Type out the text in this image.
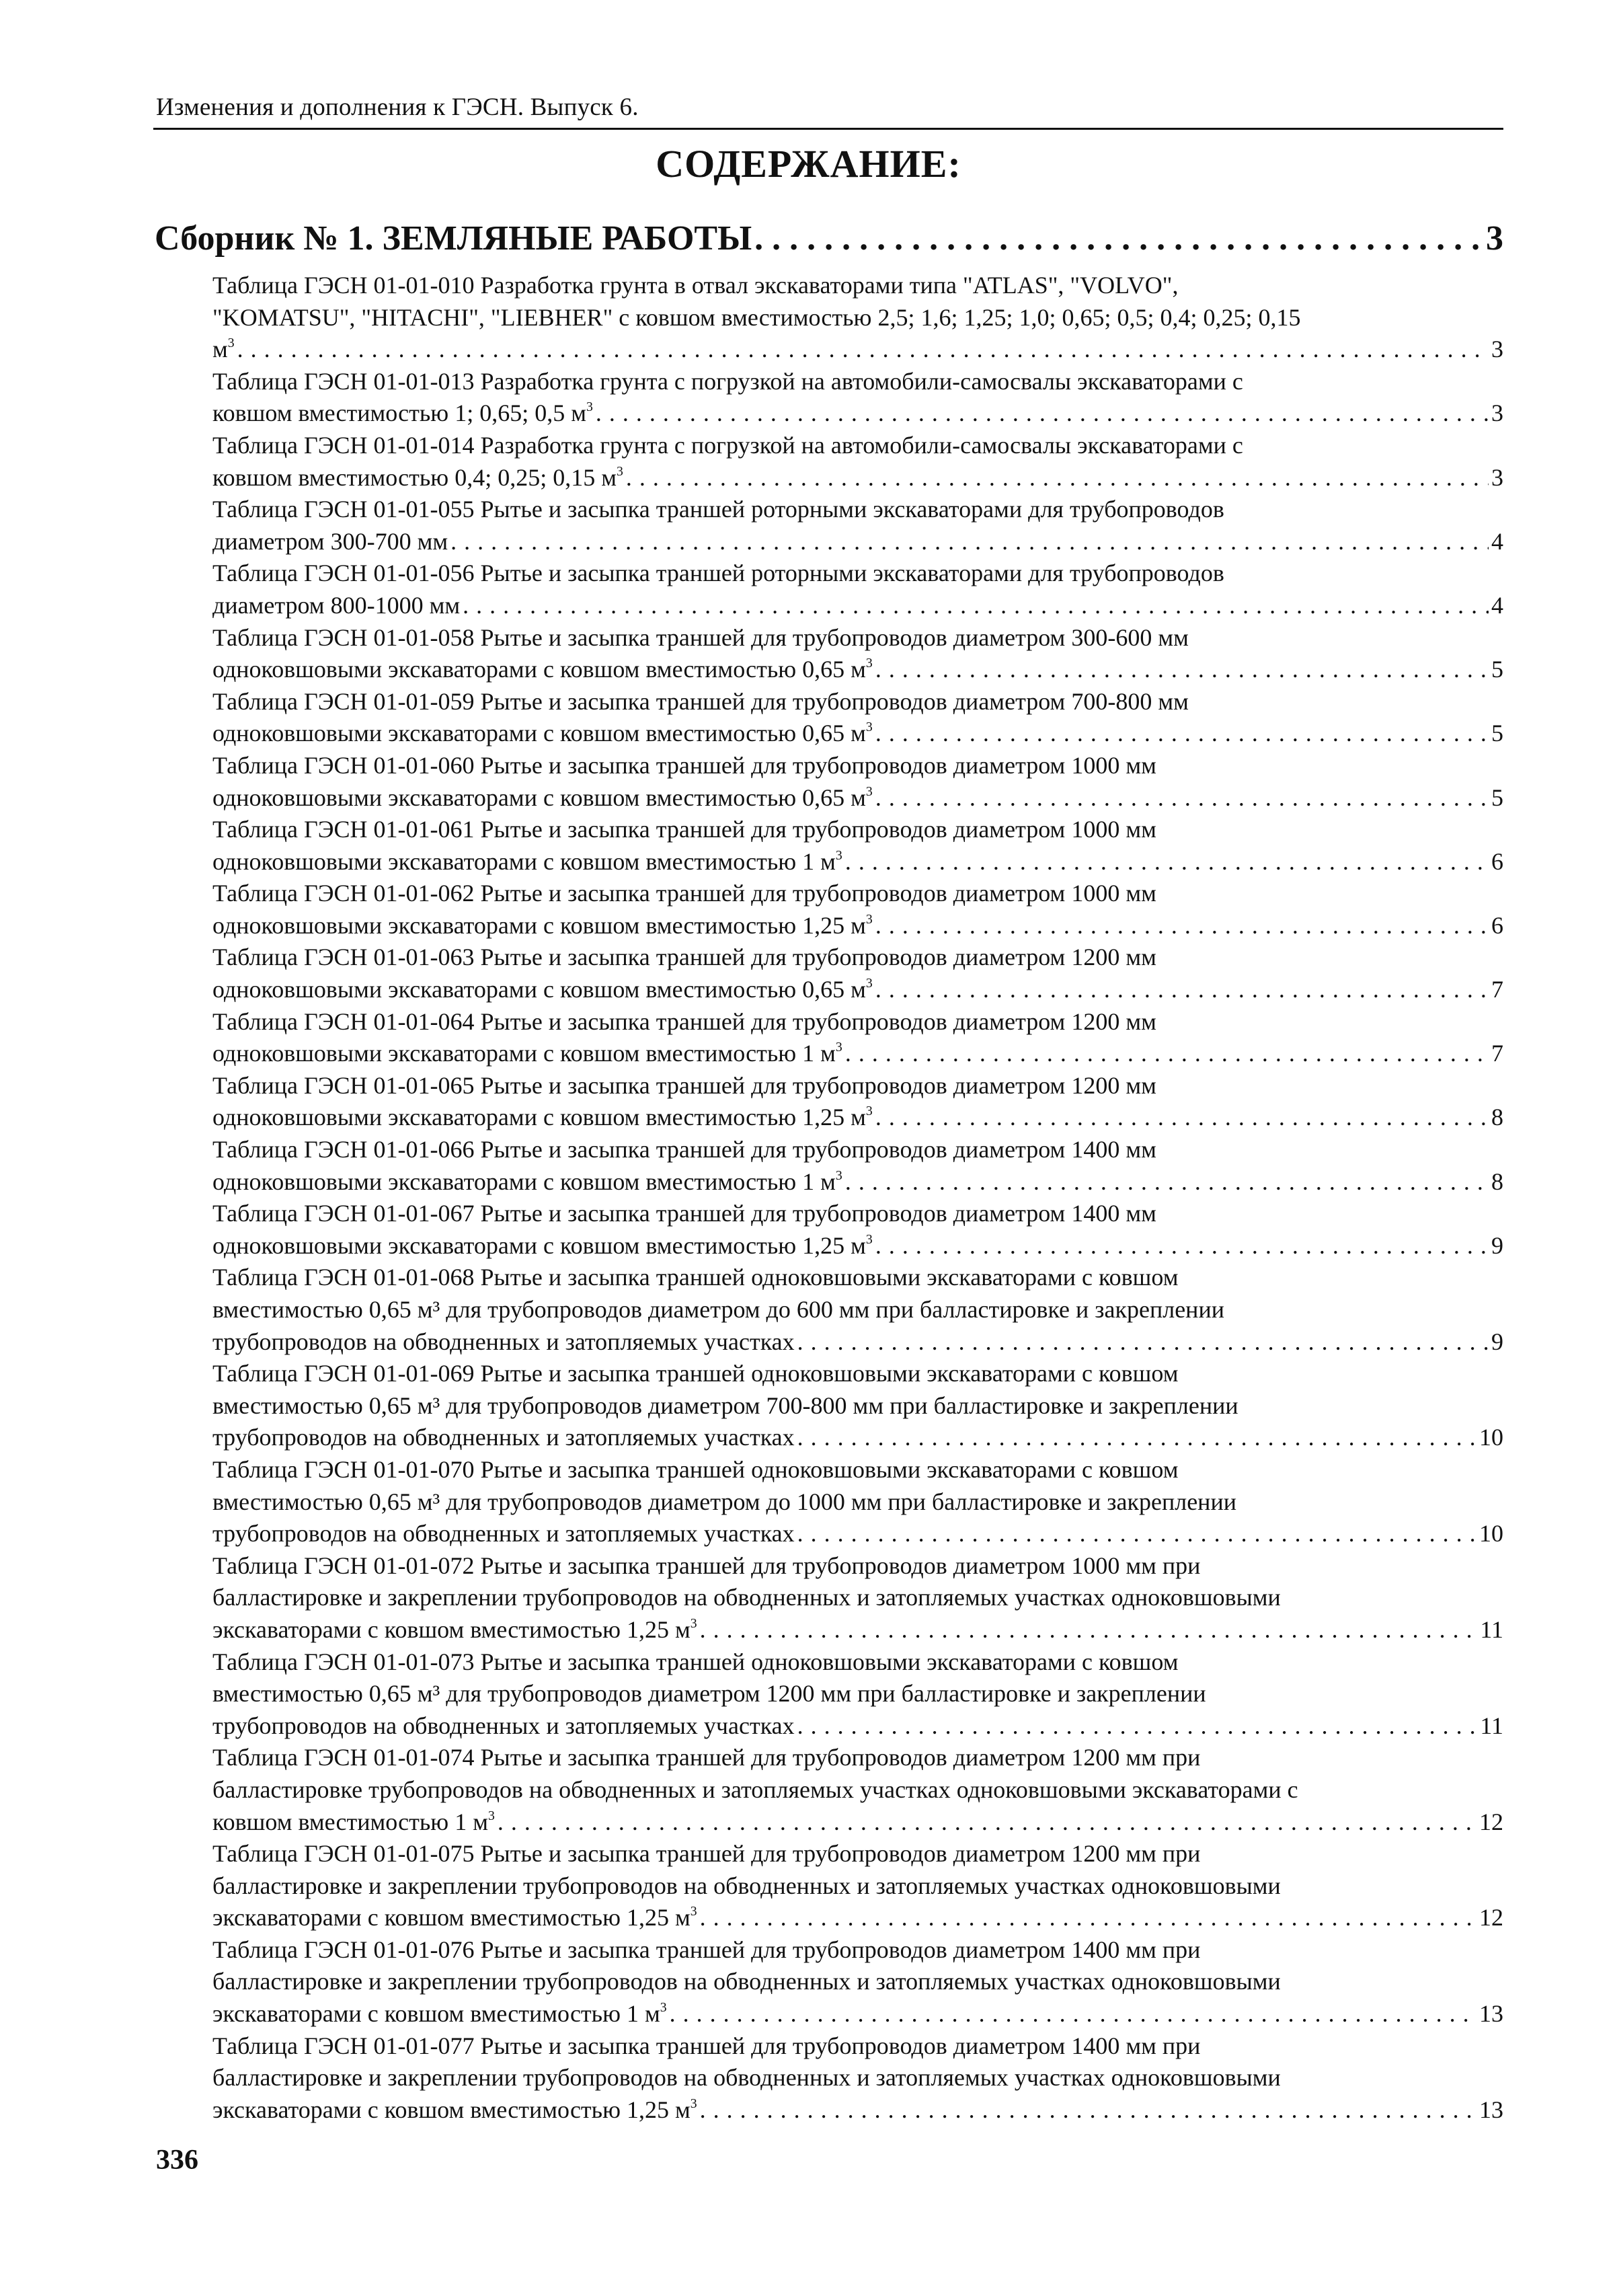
Изменения и дополнения к ГЭСН. Выпуск 6.
СОДЕРЖАНИЕ:
Сборник № 1. ЗЕМЛЯНЫЕ РАБОТЫ . . .	3
Таблица ГЭСН 01-01-010 Разработка грунта в отвал экскаваторами типа "ATLAS", "VOLVO",
"KOMATSU", "HITACHI", "LIEBHER" с ковшом вместимостью 2,5; 1,6; 1,25; 1,0; 0,65; 0,5; 0,4; 0,25; 0,15
$м^3$ . . .	3
Таблица ГЭСН 01-01-013 Разработка грунта с погрузкой на автомобили-самосвалы экскаваторами с
ковшом вместимостью 1; 0,65; 0,5 $м^3$ . . .	3
Таблица ГЭСН 01-01-014 Разработка грунта с погрузкой на автомобили-самосвалы экскаваторами с
ковшом вместимостью 0,4; 0,25; 0,15 $м^3$ . . .	3
Таблица ГЭСН 01-01-055 Рытье и засыпка траншей роторными экскаваторами для трубопроводов
диаметром 300-700 мм . . .	4
Таблица ГЭСН 01-01-056 Рытье и засыпка траншей роторными экскаваторами для трубопроводов
диаметром 800-1000 мм . . .	4
Таблица ГЭСН 01-01-058 Рытье и засыпка траншей для трубопроводов диаметром 300-600 мм
одноковшовыми экскаваторами с ковшом вместимостью 0,65 $м^3$ . . .	5
Таблица ГЭСН 01-01-059 Рытье и засыпка траншей для трубопроводов диаметром 700-800 мм
одноковшовыми экскаваторами с ковшом вместимостью 0,65 $м^3$ . . .	5
Таблица ГЭСН 01-01-060 Рытье и засыпка траншей для трубопроводов диаметром 1000 мм
одноковшовыми экскаваторами с ковшом вместимостью 0,65 $м^3$ . . .	5
Таблица ГЭСН 01-01-061 Рытье и засыпка траншей для трубопроводов диаметром 1000 мм
одноковшовыми экскаваторами с ковшом вместимостью 1 $м^3$ . . .	6
Таблица ГЭСН 01-01-062 Рытье и засыпка траншей для трубопроводов диаметром 1000 мм
одноковшовыми экскаваторами с ковшом вместимостью 1,25 $м^3$ . . .	6
Таблица ГЭСН 01-01-063 Рытье и засыпка траншей для трубопроводов диаметром 1200 мм
одноковшовыми экскаваторами с ковшом вместимостью 0,65 $м^3$ . . .	7
Таблица ГЭСН 01-01-064 Рытье и засыпка траншей для трубопроводов диаметром 1200 мм
одноковшовыми экскаваторами с ковшом вместимостью 1 $м^3$ . . .	7
Таблица ГЭСН 01-01-065 Рытье и засыпка траншей для трубопроводов диаметром 1200 мм
одноковшовыми экскаваторами с ковшом вместимостью 1,25 $м^3$ . . .	8
Таблица ГЭСН 01-01-066 Рытье и засыпка траншей для трубопроводов диаметром 1400 мм
одноковшовыми экскаваторами с ковшом вместимостью 1 $м^3$ . . .	8
Таблица ГЭСН 01-01-067 Рытье и засыпка траншей для трубопроводов диаметром 1400 мм
одноковшовыми экскаваторами с ковшом вместимостью 1,25 $м^3$ . . .	9
Таблица ГЭСН 01-01-068 Рытье и засыпка траншей одноковшовыми экскаваторами с ковшом
вместимостью 0,65 м³ для трубопроводов диаметром до 600 мм при балластировке и закреплении
трубопроводов на обводненных и затопляемых участках . . .	9
Таблица ГЭСН 01-01-069 Рытье и засыпка траншей одноковшовыми экскаваторами с ковшом
вместимостью 0,65 м³ для трубопроводов диаметром 700-800 мм при балластировке и закреплении
трубопроводов на обводненных и затопляемых участках . . .	10
Таблица ГЭСН 01-01-070 Рытье и засыпка траншей одноковшовыми экскаваторами с ковшом
вместимостью 0,65 м³ для трубопроводов диаметром до 1000 мм при балластировке и закреплении
трубопроводов на обводненных и затопляемых участках . . .	10
Таблица ГЭСН 01-01-072 Рытье и засыпка траншей для трубопроводов диаметром 1000 мм при
балластировке и закреплении трубопроводов на обводненных и затопляемых участках одноковшовыми
экскаваторами с ковшом вместимостью 1,25 $м^3$ . . .	11
Таблица ГЭСН 01-01-073 Рытье и засыпка траншей одноковшовыми экскаваторами с ковшом
вместимостью 0,65 м³ для трубопроводов диаметром 1200 мм при балластировке и закреплении
трубопроводов на обводненных и затопляемых участках . . .	11
Таблица ГЭСН 01-01-074 Рытье и засыпка траншей для трубопроводов диаметром 1200 мм при
балластировке трубопроводов на обводненных и затопляемых участках одноковшовыми экскаваторами с
ковшом вместимостью 1 $м^3$ . . .	12
Таблица ГЭСН 01-01-075 Рытье и засыпка траншей для трубопроводов диаметром 1200 мм при
балластировке и закреплении трубопроводов на обводненных и затопляемых участках одноковшовыми
экскаваторами с ковшом вместимостью 1,25 $м^3$ . . .	12
Таблица ГЭСН 01-01-076 Рытье и засыпка траншей для трубопроводов диаметром 1400 мм при
балластировке и закреплении трубопроводов на обводненных и затопляемых участках одноковшовыми
экскаваторами с ковшом вместимостью 1 $м^3$ . . .	13
Таблица ГЭСН 01-01-077 Рытье и засыпка траншей для трубопроводов диаметром 1400 мм при
балластировке и закреплении трубопроводов на обводненных и затопляемых участках одноковшовыми
экскаваторами с ковшом вместимостью 1,25 $м^3$ . . .	13
336
